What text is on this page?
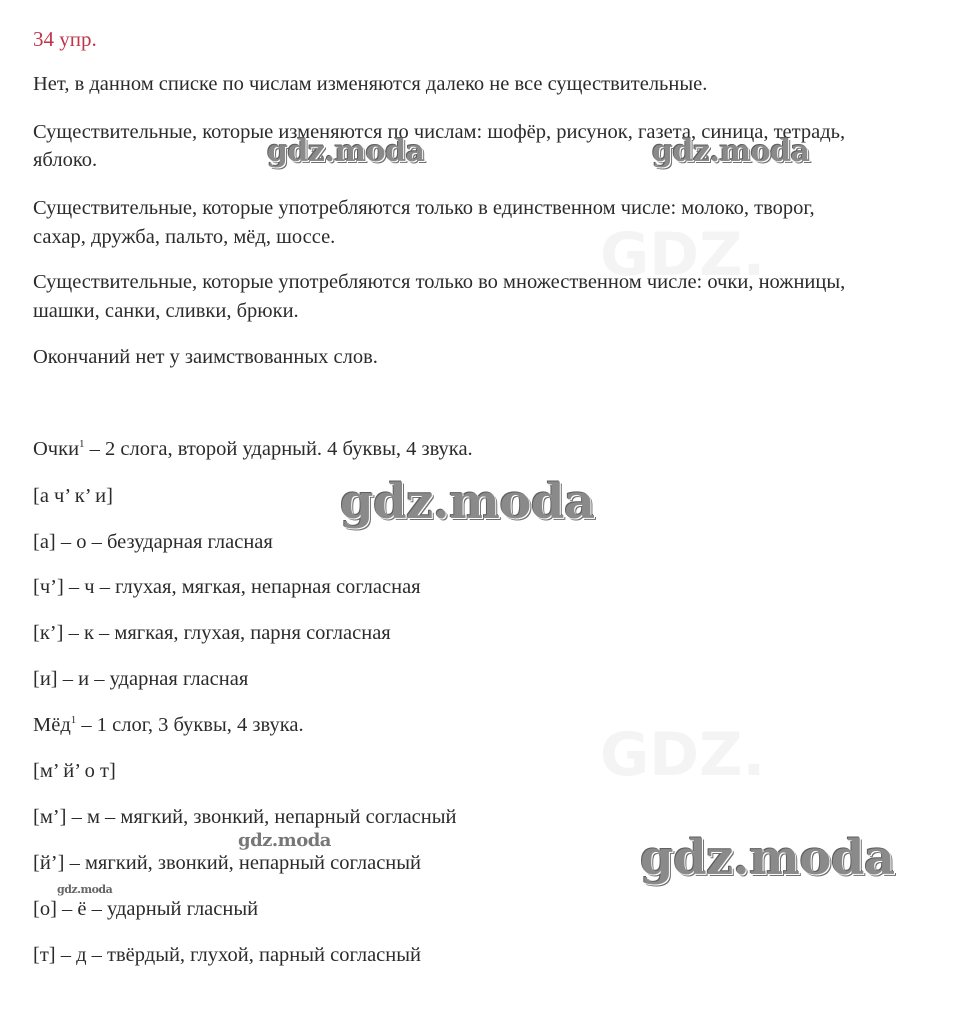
GDZ.
GDZ.

34 упр.

Нет, в данном списке по числам изменяются далеко не все существительные.

Существительные, которые изменяются по числам: шофёр, рисунок, газета, синица, тетрадь,

яблоко.

Существительные, которые употребляются только в единственном числе: молоко, творог,

сахар, дружба, пальто, мёд, шоссе.

Существительные, которые употребляются только во множественном числе: очки, ножницы,

шашки, санки, сливки, брюки.

Окончаний нет у заимствованных слов.

Очки$^1$ – 2 слога, второй ударный. 4 буквы, 4 звука.

[а ч’ к’ и]

[а] – о – безударная гласная

[ч’] – ч – глухая, мягкая, непарная согласная

[к’] – к – мягкая, глухая, парня согласная

[и] – и – ударная гласная

Мёд$^1$ – 1 слог, 3 буквы, 4 звука.

[м’ й’ о т]

[м’] – м – мягкий, звонкий, непарный согласный

[й’] – мягкий, звонкий, непарный согласный

[о] – ё – ударный гласный

[т] – д – твёрдый, глухой, парный согласный

gdz.moda	gdz.moda
gdz.moda
gdz.moda	gdz.moda
gdz.moda
